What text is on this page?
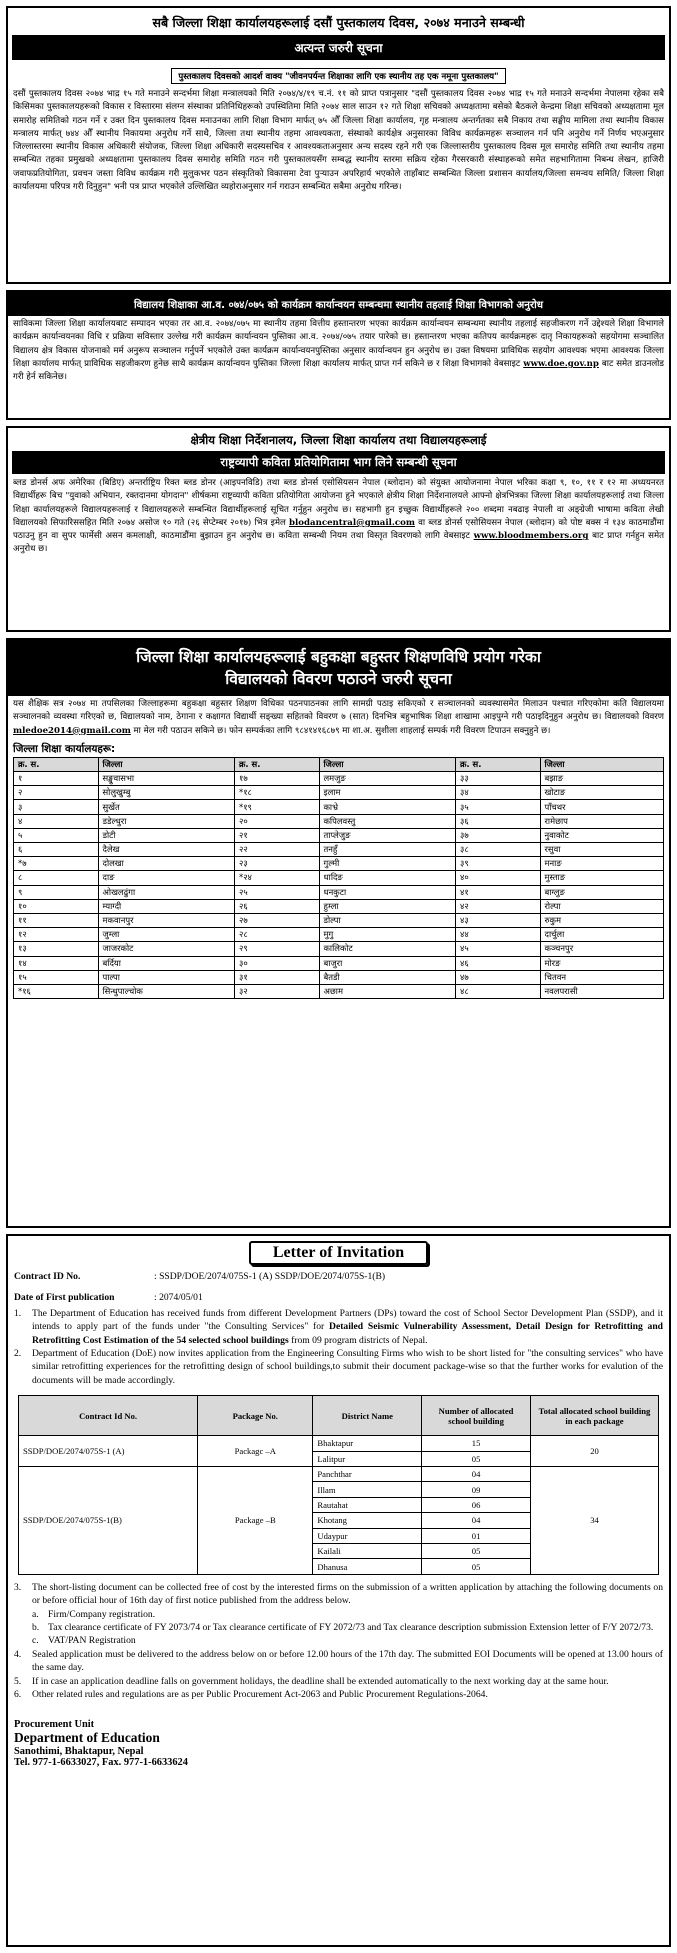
सबै जिल्ला शिक्षा कार्यालयहरूलाई दसौं पुस्तकालय दिवस, २०७४ मनाउने सम्बन्धी
अत्यन्त जरुरी सूचना
पुस्तकालय दिवसको आदर्श वाक्य "जीवनपर्यन्त शिक्षाका लागि एक स्थानीय तह एक नमूना पुस्तकालय"
दसौं पुस्तकालय दिवस २०७४ भाद्र १५ गते मनाउने सन्दर्भमा शिक्षा मन्त्रालयको मिति २०७४/४/१९ च.नं. ११ को प्राप्त पत्रानुसार "दसौं पुस्तकालय दिवस २०७४ भाद्र १५ गते मनाउने सन्दर्भमा नेपालमा रहेका सबै किसिमका पुस्तकालयहरूको विकास र विस्तारमा संलग्न संस्थाका प्रतिनिधिहरूको उपस्थितिमा मिति २०७४ साल साउन १२ गते शिक्षा सचिवको अध्यक्षतामा बसेको बैठकले केन्द्रमा शिक्षा सचिवको अध्यक्षतामा मूल समारोह समितिको गठन गर्ने र उक्त दिन पुस्तकालय दिवस मनाउनका लागि शिक्षा विभाग मार्फत् ७५ औँ जिल्ला शिक्षा कार्यालय, गृह मन्त्रालय अन्तर्गतका सबै निकाय तथा सङ्घीय मामिला तथा स्थानीय विकास मन्त्रालय मार्फत् ७४४ औँ स्थानीय निकायमा अनुरोध गर्ने साथै, जिल्ला तथा स्थानीय तहमा आवश्यकता, संस्थाको कार्यक्षेत्र अनुसारका विविध कार्यक्रमहरू सञ्चालन गर्न पनि अनुरोध गर्ने निर्णय भएअनुसार जिल्लास्तरमा स्थानीय विकास अधिकारी संयोजक, जिल्ला शिक्षा अधिकारी सदस्यसचिव र आवश्यकताअनुसार अन्य सदस्य रहने गरी एक जिल्लास्तरीय पुस्तकालय दिवस मूल समारोह समिति तथा स्थानीय तहमा सम्बन्धित तहका प्रमुखको अध्यक्षतामा पुस्तकालय दिवस समारोह समिति गठन गरी पुस्तकालयसँग सम्बद्ध स्थानीय स्तरमा सक्रिय रहेका गैरसरकारी संस्थाहरूको समेत सहभागितामा निबन्ध लेखन, हाजिरी जवाफप्रतियोगिता, प्रवचन जस्ता विविध कार्यक्रम गरी मुलुकभर पठन संस्कृतिको विकासमा टेवा पुऱ्याउन अपरिहार्य भएकोले ताहाँबाट सम्बन्धित जिल्ला प्रशासन कार्यालय/जिल्ला समन्वय समिति/ जिल्ला शिक्षा कार्यालयमा परिपत्र गरी दिनुहुन" भनी पत्र प्राप्त भएकोले उल्लिखित व्यहोराअनुसार गर्न गराउन सम्बन्धित सबैमा अनुरोध गरिन्छ।
विद्यालय शिक्षाका आ.व. ०७४/०७५ को कार्यक्रम कार्यान्वयन सम्बन्धमा स्थानीय तहलाई शिक्षा विभागको अनुरोध
साविकमा जिल्ला शिक्षा कार्यालयबाट सम्पादन भएका तर आ.व. २०७४/०७५ मा स्थानीय तहमा वित्तीय हस्तान्तरण भएका कार्यक्रम कार्यान्वयन सम्बन्धमा स्थानीय तहलाई सहजीकरण गर्ने उद्देश्यले शिक्षा विभागले कार्यक्रम कार्यान्वयनका विधि र प्रक्रिया सविस्तार उल्लेख गरी कार्यक्रम कार्यान्वयन पुस्तिका आ.व. २०७४/०७५ तयार पारेको छ। हस्तान्तरण भएका कतिपय कार्यक्रमहरू दातृ निकायहरूको सहयोगमा सञ्चालित विद्यालय क्षेत्र विकास योजनाको मर्म अनुरूप सञ्चालन गर्नुपर्ने भएकोले उक्त कार्यक्रम कार्यान्वयनपुस्तिका अनुसार कार्यान्वयन हुन अनुरोध छ। उक्त विषयमा प्राविधिक सहयोग आवश्यक भएमा आवश्यक जिल्ला शिक्षा कार्यालय मार्फत् प्राविधिक सहजीकरण हुनेछ साथै कार्यक्रम कार्यान्वयन पुस्तिका जिल्ला शिक्षा कार्यालय मार्फत् प्राप्त गर्न सकिने छ र शिक्षा विभागको वेबसाइट www.doe.gov.np बाट समेत डाउनलोड गरी हेर्न सकिनेछ।
क्षेत्रीय शिक्षा निर्देशनालय, जिल्ला शिक्षा कार्यालय तथा विद्यालयहरूलाई
राष्ट्रव्यापी कविता प्रतियोगितामा भाग लिने सम्बन्धी सूचना
ब्लड डोनर्स अफ अमेरिका (बिडिए) अन्तर्राष्ट्रिय रिक्त ब्लड डोनर (आइपनविडि) तथा ब्लड डोनर्स एसोसियसन नेपाल (ब्लोदान) को संयुक्त आयोजनामा नेपाल भरिका कक्षा ९, १०, ११ र १२ मा अध्ययनरत विद्यार्थीहरू बिच "युवाको अभियान, रक्तदानमा योगदान" शीर्षकमा राष्ट्रव्यापी कविता प्रतियोगिता आयोजना हुने भएकाले क्षेत्रीय शिक्षा निर्देशनालयले आफ्नो क्षेत्रभित्रका जिल्ला शिक्षा कार्यालयहरूलाई तथा जिल्ला शिक्षा कार्यालयहरूले विद्यालयहरूलाई र विद्यालयहरूले सम्बन्धित विद्यार्थीहरूलाई सूचित गर्नुहुन अनुरोध छ। सहभागी हुन इच्छुक विद्यार्थीहरूले २०० शब्दमा नबढाइ नेपाली वा अङ्ग्रेजी भाषामा कविता लेखी विद्यालयको सिफारिससहित मिति २०७४ असोज १० गते (२६ सेप्टेम्बर २०१७) भित्र इमेल blodancentral@gmail.com वा ब्लड डोनर्स एसोसियसन नेपाल (ब्लोदान) को पोष्ट बक्स नं १३४ काठमाडौंमा पठाउनु हुन वा सुपर फार्मेसी असन कमलाक्षी, काठमाडौंमा बुझाउन हुन अनुरोध छ। कविता सम्बन्धी नियम तथा विस्तृत विवरणको लागि वेबसाइट www.bloodmembers.org बाट प्राप्त गर्नहुन समेत अनुरोध छ।
जिल्ला शिक्षा कार्यालयहरूलाई बहुकक्षा बहुस्तर शिक्षणविधि प्रयोग गरेका
विद्यालयको विवरण पठाउने जरुरी सूचना
यस शैक्षिक सत्र २०७४ मा तपसिलका जिल्लाहरूमा बहुकक्षा बहुस्तर शिक्षण विधिका पठनपाठनका लागि सामग्री पठाइ सकिएको र सञ्चालनको व्यवस्थासमेत मिलाउन पश्चात गरिएकोमा कति विद्यालयमा सञ्चालनको व्यवस्था गरिएको छ, विद्यालयको नाम, ठेगाना र कक्षागत विद्यार्थी सङ्ख्या सहितको विवरण ७ (सात) दिनभित्र बहुभाषिक शिक्षा शाखामा आइपुग्ने गरी पठाइदिनुहुन अनुरोध छ। विद्यालयको विवरण mledoe2014@gmail.com मा मेल गरी पठाउन सकिने छ। फोन सम्पर्कका लागि ९८४१४१६८७९ मा शा.अ. सुशीला शाहलाई सम्पर्क गरी विवरण टिपाउन सक्नुहुने छ।
जिल्ला शिक्षा कार्यालयहरू:
क्र. स.	जिल्ला	क्र. स.	जिल्ला	क्र. स.	जिल्ला
१	सङ्खुवासभा	१७	लमजुङ	३३	बझाङ
२	सोलुखुम्बु	*१८	इलाम	३४	खोटाङ
३	सुर्खेत	*१९	काभ्रे	३५	पाँचथर
४	डडेल्धुरा	२०	कपिलवस्तु	३६	रामेछाप
५	डोटी	२१	ताप्लेजुङ	३७	नुवाकोट
६	दैलेख	२२	तनहुँ	३८	रसुवा
*७	दोलखा	२३	गुल्मी	३९	मनाङ
८	दाङ	*२४	धादिङ	४०	मुस्ताङ
९	ओखलढुंगा	२५	धनकुटा	४१	बाग्लुङ
१०	म्याग्दी	२६	हुम्ला	४२	रोल्पा
११	मकवानपुर	२७	डोल्पा	४३	रुकुम
१२	जुम्ला	२८	मुगु	४४	दार्चुला
१३	जाजरकोट	२९	कालिकोट	४५	कञ्चनपुर
१४	बर्दिया	३०	बाजुरा	४६	मोरङ
१५	पाल्पा	३१	बैतडी	४७	चितवन
*१६	सिन्धुपाल्चोक	३२	अछाम	४८	नवलपरासी
Letter of Invitation
Contract ID No.	: SSDP/DOE/2074/075S-1 (A) SSDP/DOE/2074/075S-1(B)
Date of First publication	: 2074/05/01
1.	The Department of Education has received funds from different Development Partners (DPs) toward the cost of School Sector Development Plan (SSDP), and it intends to apply part of the funds under "the Consulting Services" for Detailed Seismic Vulnerability Assessment, Detail Design for Retrofitting and Retrofitting Cost Estimation of the 54 selected school buildings from 09 program districts of Nepal.
2.	Department of Education (DoE) now invites application from the Engineering Consulting Firms who wish to be short listed for "the consulting services" who have similar retrofitting experiences for the retrofitting design of school buildings,to submit their document package-wise so that the further works for evalution of the documents will be made accordingly.
Contract Id No.	Package No.	District Name	Number of allocated school building	Total allocated school building in each package
SSDP/DOE/2074/075S-1 (A)	Packagc –A	Bhaktapur	15	20
		Lalitpur	05	
SSDP/DOE/2074/075S-1(B)	Package –B	Panchthar	04	34
		Illam	09	
		Rautahat	06	
		Khotang	04	
		Udaypur	01	
		Kailali	05	
		Dhanusa	05	
3.	The short-listing document can be collected free of cost by the interested firms on the submission of a written application by attaching the following documents on or before official hour of 16th day of first notice published from the address below.
a. Firm/Company registration.
b. Tax clearance certificate of FY 2073/74 or Tax clearance certificate of FY 2072/73 and Tax clearance description submission Extension letter of F/Y 2072/73.
c. VAT/PAN Registration
4.	Sealed application must be delivered to the address below on or before 12.00 hours of the 17th day. The submitted EOI Documents will be opened at 13.00 hours of the same day.
5.	If in case an application deadline falls on government holidays, the deadline shall be extended automatically to the next working day at the same hour.
6.	Other related rules and regulations are as per Public Procurement Act-2063 and Public Procurement Regulations-2064.
Procurement Unit
Department of Education
Sanothimi, Bhaktapur, Nepal
Tel. 977-1-6633027, Fax. 977-1-6633624
